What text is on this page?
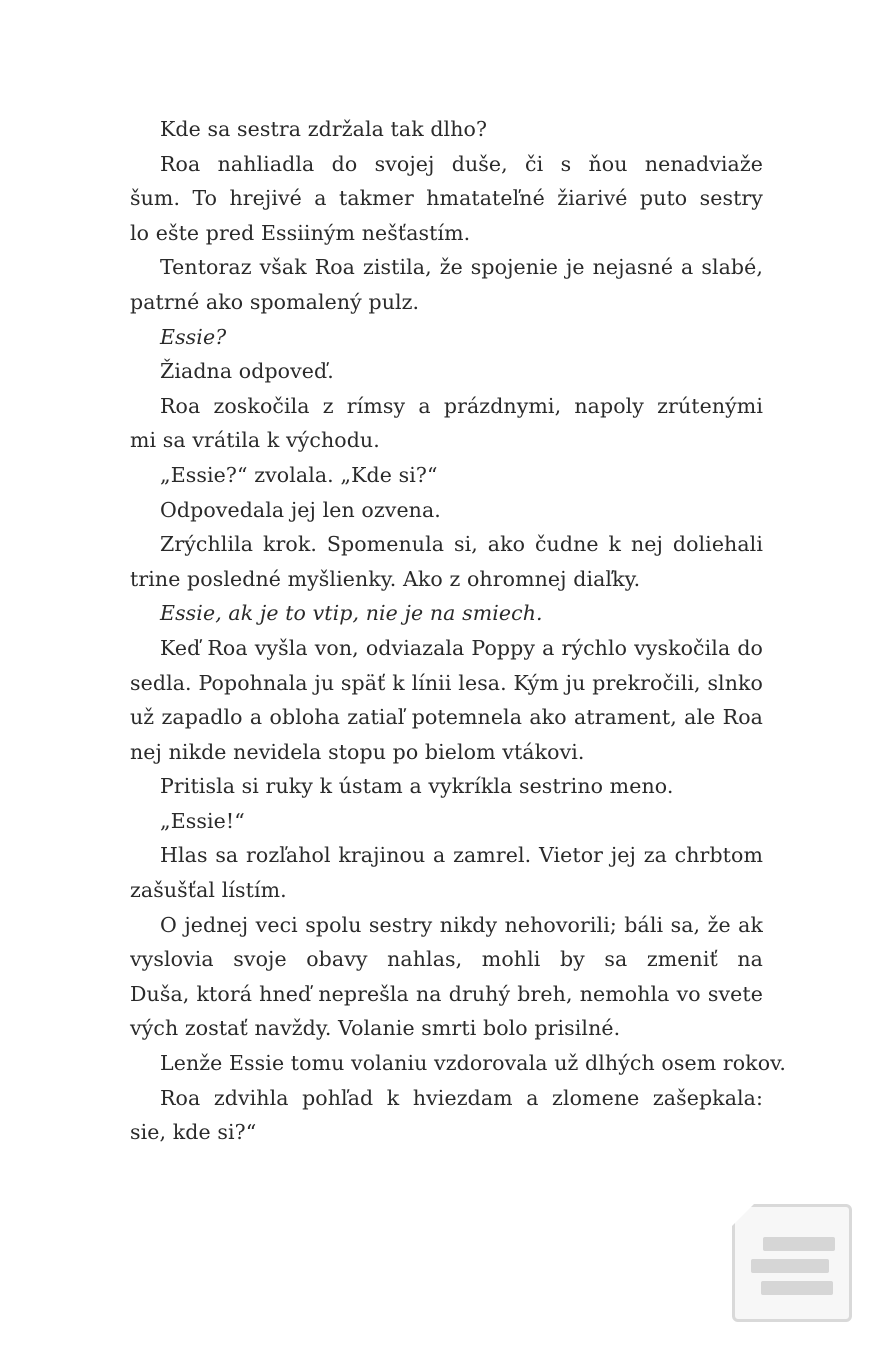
Kde sa sestra zdržala tak dlho?
Roa nahliadla do svojej duše, či s ňou nenadviaže
šum. To hrejivé a takmer hmatateľné žiarivé puto sestry
lo ešte pred Essiiným nešťastím.
Tentoraz však Roa zistila, že spojenie je nejasné a slabé,
patrné ako spomalený pulz.
Essie?
Žiadna odpoveď.
Roa zoskočila z rímsy a prázdnymi, napoly zrútenými
mi sa vrátila k východu.
„Essie?“ zvolala. „Kde si?“
Odpovedala jej len ozvena.
Zrýchlila krok. Spomenula si, ako čudne k nej doliehali
trine posledné myšlienky. Ako z ohromnej diaľky.
Essie, ak je to vtip, nie je na smiech.
Keď Roa vyšla von, odviazala Poppy a rýchlo vyskočila do
sedla. Popohnala ju späť k línii lesa. Kým ju prekročili, slnko
už zapadlo a obloha zatiaľ potemnela ako atrament, ale Roa
nej nikde nevidela stopu po bielom vtákovi.
Pritisla si ruky k ústam a vykríkla sestrino meno.
„Essie!“
Hlas sa rozľahol krajinou a zamrel. Vietor jej za chrbtom
zašušťal lístím.
O jednej veci spolu sestry nikdy nehovorili; báli sa, že ak
vyslovia svoje obavy nahlas, mohli by sa zmeniť na
Duša, ktorá hneď neprešla na druhý breh, nemohla vo svete
vých zostať navždy. Volanie smrti bolo prisilné.
Lenže Essie tomu volaniu vzdorovala už dlhých osem rokov.
Roa zdvihla pohľad k hviezdam a zlomene zašepkala:
sie, kde si?“
